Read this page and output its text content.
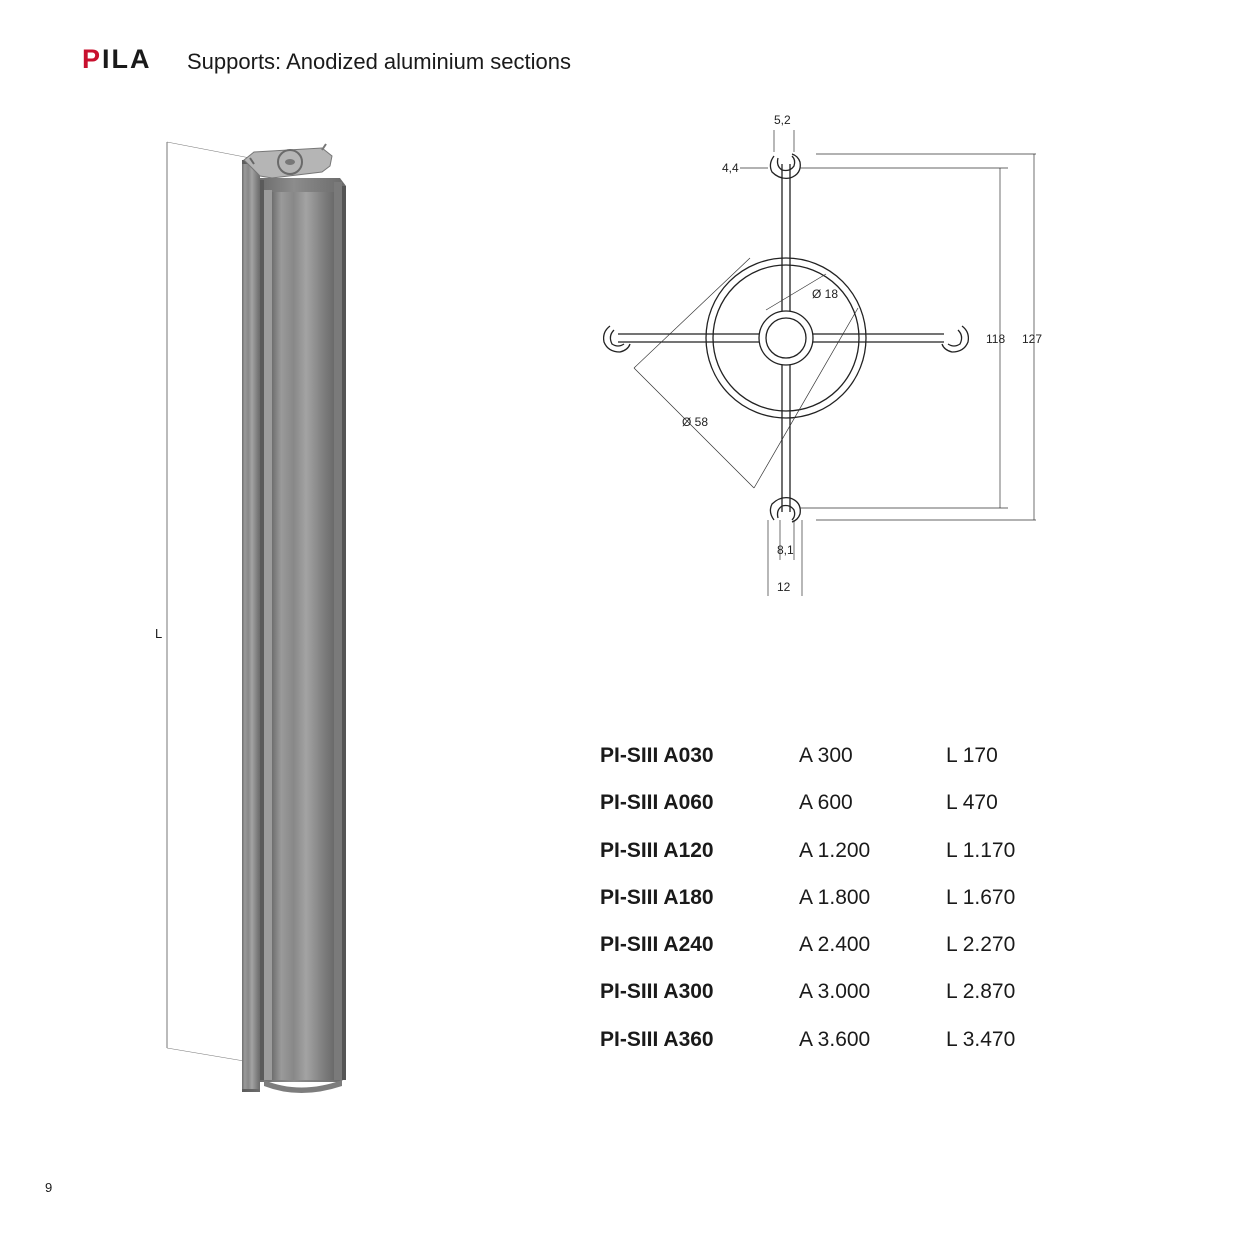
PILA Supports: Anodized aluminium sections
L
5,2
4,4
Ø 18
Ø 58
118 127
8,1
12
PI-SIII A030	A 300	L 170
PI-SIII A060	A 600	L 470
PI-SIII A120	A 1.200	L 1.170
PI-SIII A180	A 1.800	L 1.670
PI-SIII A240	A 2.400	L 2.270
PI-SIII A300	A 3.000	L 2.870
PI-SIII A360	A 3.600	L 3.470
9
